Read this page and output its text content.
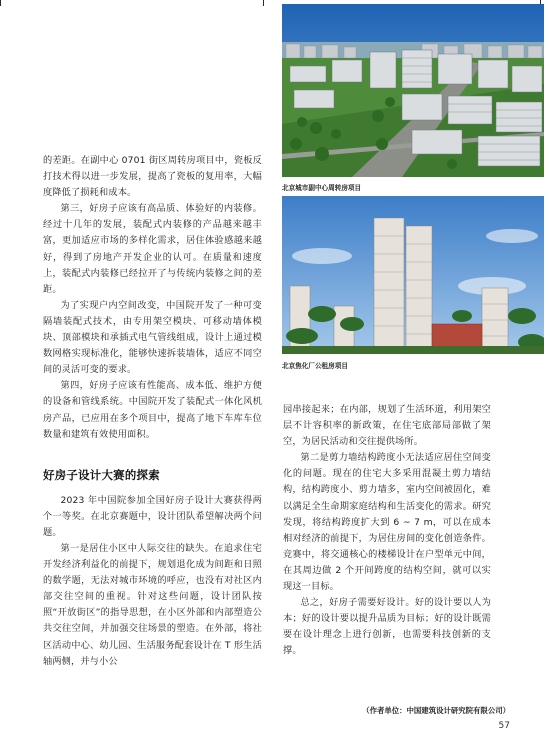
北京城市副中心周转房项目
北京焦化厂公租房项目

的差距。在副中心 0701 街区周转房项目中，瓷板反打技术得以进一步发展，提高了瓷板的复用率，大幅度降低了损耗和成本。

第三，好房子应该有高品质、体验好的内装修。经过十几年的发展，装配式内装修的产品越来越丰富，更加适应市场的多样化需求，居住体验感越来越好，得到了房地产开发企业的认可。在质量和速度上，装配式内装修已经拉开了与传统内装修之间的差距。

为了实现户内空间改变，中国院开发了一种可变隔墙装配式技术，由专用架空模块、可移动墙体模块、顶部模块和承插式电气管线组成，设计上通过模数网格实现标准化，能够快速拆装墙体，适应不同空间的灵活可变的要求。

第四，好房子应该有性能高、成本低、维护方便的设备和管线系统。中国院开发了装配式一体化风机房产品，已应用在多个项目中，提高了地下车库车位数量和建筑有效使用面积。

好房子设计大赛的探索

2023 年中国院参加全国好房子设计大赛获得两个一等奖。在北京赛题中，设计团队希望解决两个问题。

第一是居住小区中人际交往的缺失。在追求住宅开发经济利益化的前提下，规划退化成为间距和日照的数学题，无法对城市环境的呼应，也没有对社区内部交往空间的重视。针对这些问题，设计团队按照“开放街区”的指导思想，在小区外部和内部塑造公共交往空间，并加强交往场景的塑造。在外部，将社区活动中心、幼儿园、生活服务配套设计在 T 形生活轴两侧，并与小公

园串接起来；在内部，规划了生活环道，利用架空层不计容积率的新政策，在住宅底部局部做了架空，为居民活动和交往提供场所。

第二是剪力墙结构跨度小无法适应居住空间变化的问题。现在的住宅大多采用混凝土剪力墙结构，结构跨度小、剪力墙多，室内空间被固化，难以满足全生命期家庭结构和生活变化的需求。研究发现，将结构跨度扩大到 6 ~ 7 m，可以在成本相对经济的前提下，为居住房间的变化创造条件。竞赛中，将交通核心的楼梯设计在户型单元中间，在其周边做 2 个开间跨度的结构空间，就可以实现这一目标。

总之，好房子需要好设计。好的设计要以人为本；好的设计要以提升品质为目标；好的设计既需要在设计理念上进行创新，也需要科技创新的支撑。

（作者单位：中国建筑设计研究院有限公司）
57
